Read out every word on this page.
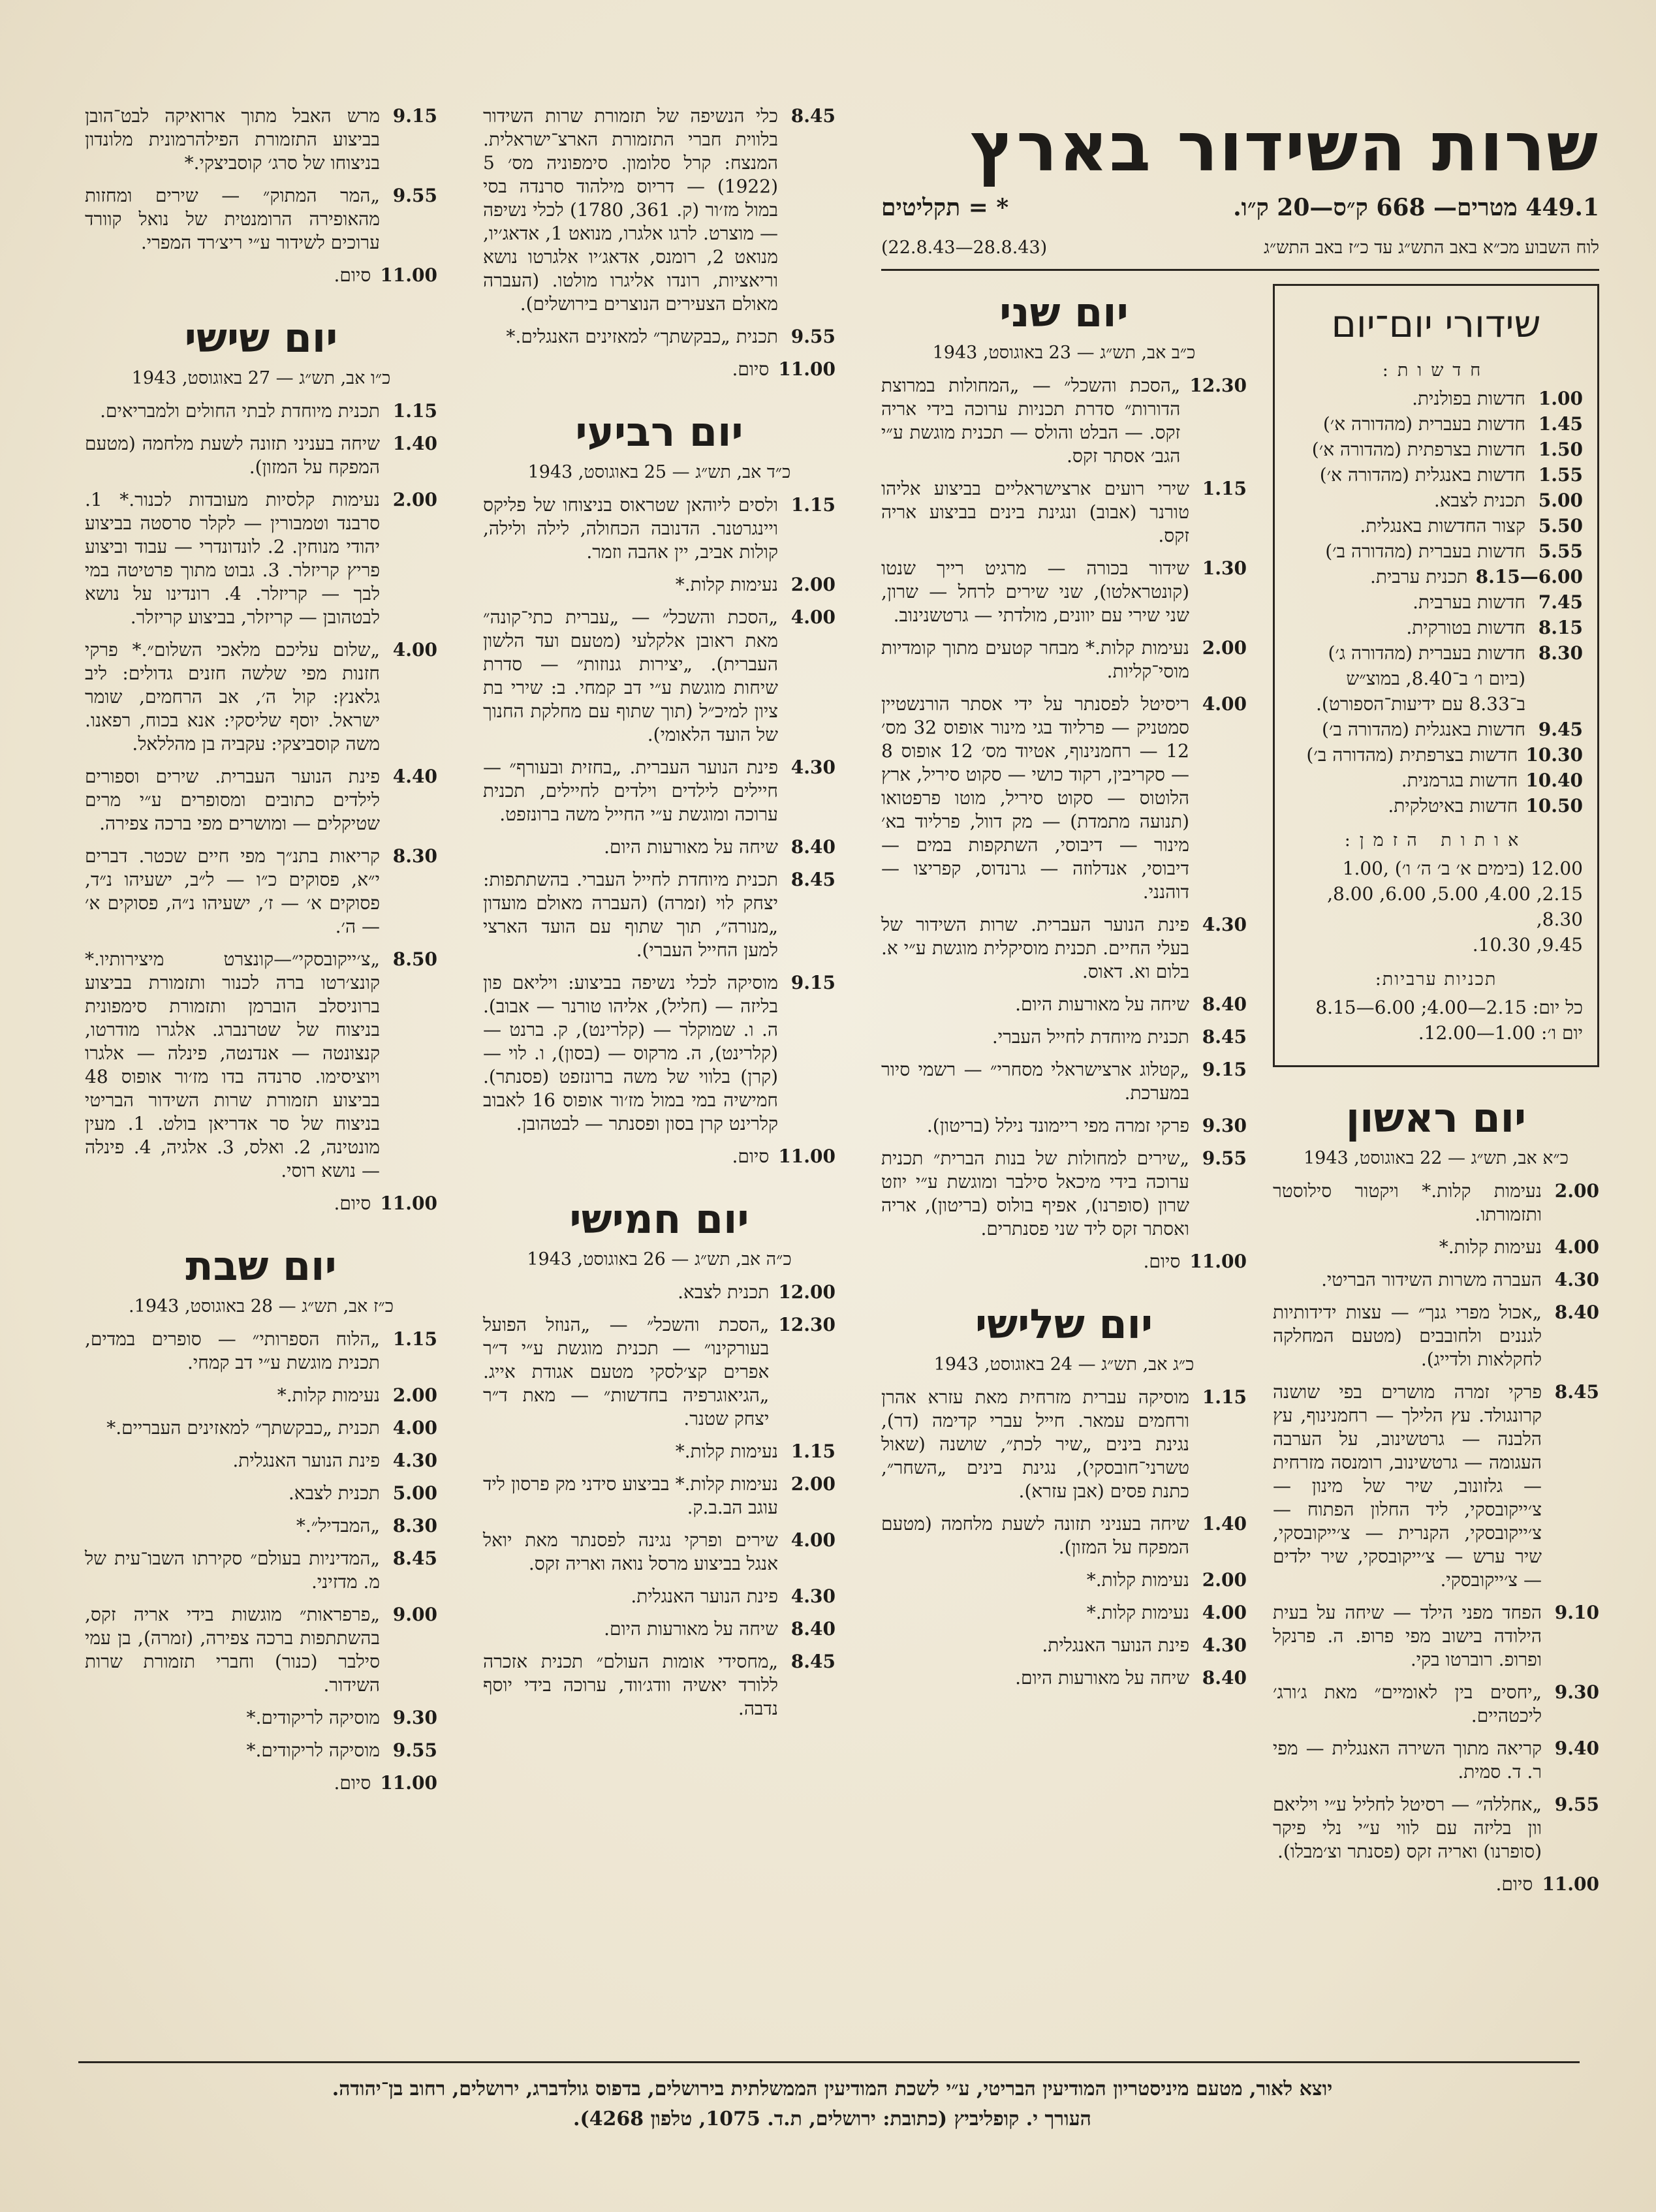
שרות השידור בארץ
449.1 מטרים— 668 ק״ס—20 ק״ו.
* = תקליטים
לוח השבוע מכ״א באב התש״ג עד כ״ז באב התש״ג
(28.8.43—22.8.43)
שידורי יום־יום
חדשות:
1.00
חדשות בפולנית.
1.45
חדשות בעברית (מהדורה א׳)
1.50
חדשות בצרפתית (מהדורה א׳)
1.55
חדשות באנגלית (מהדורה א׳)
5.00
תכנית לצבא.
5.50
קצור החדשות באנגלית.
5.55
חדשות בעברית (מהדורה ב׳)
6.00—8.15
תכנית ערבית.
7.45
חדשות בערבית.
8.15
חדשות בטורקית.
8.30
חדשות בעברית (מהדורה ג׳)
(ביום ו׳ ב־8.40, במוצ״ש ב־8.33 עם ידיעות־הספורט).
9.45
חדשות באנגלית (מהדורה ב׳)
10.30
חדשות בצרפתית (מהדורה ב׳)
10.40
חדשות בגרמנית.
10.50
חדשות באיטלקית.
אותות הזמן:
12.00 (בימים א׳ ב׳ ה׳ ו׳) ,1.00
2.15, 4.00, 5.00, 6.00, 8.00, 8.30,
9.45, 10.30.
תכניות ערביות:
כל יום: 2.15—4.00; 6.00—8.15
יום ו׳: 1.00—12.00.
יום ראשון
כ״א אב, תש״ג — 22 באוגוסט, 1943
2.00
נעימות קלות.* ויקטור סילוסטר ותזמורתו.
4.00
נעימות קלות.*
4.30
העברה משרות השידור הבריטי.
8.40
„אכול מפרי גנך״ — עצות ידידותיות לגננים ולחובבים (מטעם המחלקה לחקלאות ולדייג).
8.45
פרקי זמרה מושרים בפי שושנה קרונגולד. עץ הלילך — רחמנינוף, עץ הלבנה — גרטשינוב, על הערבה העגומה — גרטשינוב, רומנסה מזרחית — גלזונוב, שיר של מינון — צ׳ייקובסקי, ליד החלון הפתוח — צ׳ייקובסקי, הקנרית — צ׳ייקובסקי, שיר ערש — צ׳ייקובסקי, שיר ילדים — צ׳ייקובסקי.
9.10
הפחד מפני הילד — שיחה על בעית הילודה בישוב מפי פרופ. ה. פרנקל ופרופ. רוברטו בקי.
9.30
„יחסים בין לאומיים״ מאת ג׳ורג׳ ליכטהיים.
9.40
קריאה מתוך השירה האנגלית — מפי ר. ד. סמית.
9.55
„אחללה״ — רסיטל לחליל ע״י ויליאם וון בליזה עם לווי ע״י נלי פיקר (סופרנו) ואריה זקס (פסנתר וצ׳מבלו).
11.00
סיום.
יום שני
כ״ב אב, תש״ג — 23 באוגוסט, 1943
12.30
„הסכת והשכל״ — „המחולות במרוצת הדורות״ סדרת תכניות ערוכה בידי אריה זקס. — הבלט והולס — תכנית מוגשת ע״י הגב׳ אסתר זקס.
1.15
שירי רועים ארצישראליים בביצוע אליהו טורנר (אבוב) ונגינת בינים בביצוע אריה זקס.
1.30
שידור בכורה — מרגיט רייך שנטו (קונטראלטו), שני שירים לרחל — שרון, שני שירי עם יוונים, מולדתי — גרטשנינוב.
2.00
נעימות קלות.* מבחר קטעים מתוך קומדיות מוסי־קליות.
4.00
ריסיטל לפסנתר על ידי אסתר הורנשטיין סמטניק — פרליוד בגי מינור אופוס 32 מס׳ 12 — רחמנינוף, אטיוד מס׳ 12 אופוס 8 — סקריבין, רקוד כושי — סקוט סיריל, ארץ הלוטוס — סקוט סיריל, מוטו פרפטואו (תנועה מתמדת) — מק דוול, פרליוד בא׳ מינור — דיבוסי, השתקפות במים — דיבוסי, אנדלוזה — גרנדוס, קפריצו — דוהנני.
4.30
פינת הנוער העברית. שרות השידור של בעלי החיים. תכנית מוסיקלית מוגשת ע״י א. בלום וא. דאוס.
8.40
שיחה על מאורעות היום.
8.45
תכנית מיוחדת לחייל העברי.
9.15
„קטלוג ארצישראלי מסחרי״ — רשמי סיור במערכת.
9.30
פרקי זמרה מפי ריימונד נילל (בריטון).
9.55
„שירים למחולות של בנות הברית״ תכנית ערוכה בידי מיכאל סילבר ומוגשת ע״י יוזט שרון (סופרנו), אפיף בולוס (בריטון), אריה ואסתר זקס ליד שני פסנתרים.
11.00
סיום.
יום שלישי
כ״ג אב, תש״ג — 24 באוגוסט, 1943
1.15
מוסיקה עברית מזרחית מאת עזרא אהרן ורחמים עמאר. חייל עברי קדימה (דר), נגינת בינים „שיר לכת״, שושנה (שאול טשרני־חובסקי), נגינת בינים „השחר״, כתנת פסים (אבן עזרא).
1.40
שיחה בעניני תזונה לשעת מלחמה (מטעם המפקח על המזון).
2.00
נעימות קלות.*
4.00
נעימות קלות.*
4.30
פינת הנוער האנגלית.
8.40
שיחה על מאורעות היום.
8.45
כלי הנשיפה של תזמורת שרות השידור בלווית חברי התזמורת הארצ־ישראלית. המנצח: קרל סלומון. סימפוניה מס׳ 5 (1922) — דריוס מילהוד סרנדה בסי במול מז׳ור (ק. 361, 1780) לכלי נשיפה — מוצרט. לרגו אלגרו, מנואט 1, אדאג׳יו, מנואט 2, רומנס, אדאג׳יו אלגרטו נושא וריאציות, רונדו אליגרו מולטו. (העברה מאולם הצעירים הנוצרים בירושלים).
9.55
תכנית „כבקשתך״ למאזינים האנגלים.*
11.00
סיום.
יום רביעי
כ״ד אב, תש״ג — 25 באוגוסט, 1943
1.15
ולסים ליוהאן שטראוס בניצוחו של פליקס ויינגרטנר. הדנובה הכחולה, לילה ולילה, קולות אביב, יין אהבה וזמר.
2.00
נעימות קלות.*
4.00
„הסכת והשכל״ — „עברית כתי־קונה״ מאת ראובן אלקלעי (מטעם ועד הלשון העברית). „יצירות גנוזות״ — סדרת שיחות מוגשת ע״י דב קמחי. ב: שירי בת ציון למיכ״ל (תוך שתוף עם מחלקת החנוך של הועד הלאומי).
4.30
פינת הנוער העברית. „בחזית ובעורף״ — חיילים לילדים וילדים לחיילים, תכנית ערוכה ומוגשת ע״י החייל משה ברונזפט.
8.40
שיחה על מאורעות היום.
8.45
תכנית מיוחדת לחייל העברי. בהשתתפות: יצחק לוי (זמרה) (העברה מאולם מועדון „מנורה״, תוך שתוף עם הועד הארצי למען החייל העברי).
9.15
מוסיקה לכלי נשיפה בביצוע: ויליאם פון בליזה — (חליל), אליהו טורנר — אבוב). ה. ו. שמוקלר — (קלרינט), ק. ברנט — (קלרינט), ה. מרקוס — (בסון), ו. לוי — (קרן) בלווי של משה ברונזפט (פסנתר). חמישיה במי במול מז׳ור אופוס 16 לאבוב קלרינט קרן בסון ופסנתר — לבטהובן.
11.00
סיום.
יום חמישי
כ״ה אב, תש״ג — 26 באוגוסט, 1943
12.00
תכנית לצבא.
12.30
„הסכת והשכל״ — „הנוזל הפועל בעורקינו״ — תכנית מוגשת ע״י ד״ר אפרים קצ׳לסקי מטעם אגודת אייג. „הגיאוגרפיה בחדשות״ — מאת ד״ר יצחק שטנר.
1.15
נעימות קלות.*
2.00
נעימות קלות.* בביצוע סידני מק פרסון ליד עוגב הב.ב.ק.
4.00
שירים ופרקי נגינה לפסנתר מאת יואל אנגל בביצוע מרסל נואה ואריה זקס.
4.30
פינת הנוער האנגלית.
8.40
שיחה על מאורעות היום.
8.45
„מחסידי אומות העולם״ תכנית אזכרה ללורד יאשיה וודג׳ווד, ערוכה בידי יוסף נדבה.
9.15
מרש האבל מתוך ארואיקה לבט־הובן בביצוע התזמורת הפילהרמונית מלונדון בניצוחו של סרג׳ קוסביצקי.*
9.55
„המר המתוק״ — שירים ומחזות מהאופירה הרומנטית של נואל קוורד ערוכים לשידור ע״י ריצ׳רד המפרי.
11.00
סיום.
יום שישי
כ״ו אב, תש״ג — 27 באוגוסט, 1943
1.15
תכנית מיוחדת לבתי החולים ולמבריאים.
1.40
שיחה בעניני תזונה לשעת מלחמה (מטעם המפקח על המזון).
2.00
נעימות קלסיות מעובדות לכנור.* 1. סרבנד וטמבורין — לקלר סרסטה בביצוע יהודי מנוחין. 2. לונדונדרי — עבוד וביצוע פריץ קריזלר. 3. גבוט מתוך פרטיטה במי לבך — קריזלר. 4. רונדינו על נושא לבטהובן — קריזלר, בביצוע קריזלר.
4.00
„שלום עליכם מלאכי השלום״.* פרקי חזנות מפי שלשה חזנים גדולים: ליב גלאנץ: קול ה׳, אב הרחמים, שומר ישראל. יוסף שליסקי: אנא בכוח, רפאנו. משה קוסביצקי: עקביה בן מהללאל.
4.40
פינת הנוער העברית. שירים וספורים לילדים כתובים ומסופרים ע״י מרים שטיקלים — ומושרים מפי ברכה צפירה.
8.30
קריאות בתנ״ך מפי חיים שכטר. דברים י״א, פסוקים כ״ו — ל״ב, ישעיהו נ״ד, פסוקים א׳ — ז׳, ישעיהו נ״ה, פסוקים א׳ — ה׳.
8.50
„צ׳ייקובסקי״—קונצרט מיצירותיו.* קונצ׳רטו ברה לכנור ותזמורת בביצוע ברוניסלב הוברמן ותזמורת סימפונית בניצוח של שטרנברג. אלגרו מודרטו, קנצונטה — אנדנטה, פינלה — אלגרו ויוציסימו. סרנדה בדו מז׳ור אופוס 48 בביצוע תזמורת שרות השידור הבריטי בניצוח של סר אדריאן בולט. 1. מעין מונטינה, 2. ואלס, 3. אלגיה, 4. פינלה — נושא רוסי.
11.00
סיום.
יום שבת
כ״ז אב, תש״ג — 28 באוגוסט, 1943.
1.15
„הלוח הספרותי״ — סופרים במדים, תכנית מוגשת ע״י דב קמחי.
2.00
נעימות קלות.*
4.00
תכנית „כבקשתך״ למאזינים העבריים.*
4.30
פינת הנוער האנגלית.
5.00
תכנית לצבא.
8.30
„המבדיל״.*
8.45
„המדיניות בעולם״ סקירתו השבו־עית של מ. מדזיני.
9.00
„פרפראות״ מוגשות בידי אריה זקס, בהשתתפות ברכה צפירה, (זמרה), בן עמי סילבר (כנור) וחברי תזמורת שרות השידור.
9.30
מוסיקה לריקודים.*
9.55
מוסיקה לריקודים.*
11.00
סיום.
יוצא לאור, מטעם מיניסטריון המודיעין הבריטי, ע״י לשכת המודיעין הממשלתית בירושלים, בדפוס גולדברג, ירושלים, רחוב בן־יהודה.
העורך י. קופליביץ (כתובת: ירושלים, ת.ד. 1075, טלפון 4268).
